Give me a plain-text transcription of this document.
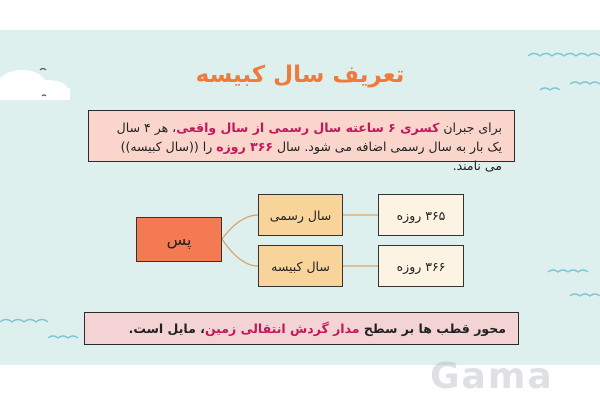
تعریف سال کبیسه
برای جبران کسری ۶ ساعته سال رسمی از سال واقعی، هر ۴ سال یک بار به سال رسمی اضافه می شود. سال ۳۶۶ روزه را ((سال کبیسه)) می نامند.
پس
سال رسمی
سال کبیسه
۳۶۵ روزه
۳۶۶ روزه
محور قطب ها بر سطح مدار گردش انتقالی زمین، مایل است.
Gama
